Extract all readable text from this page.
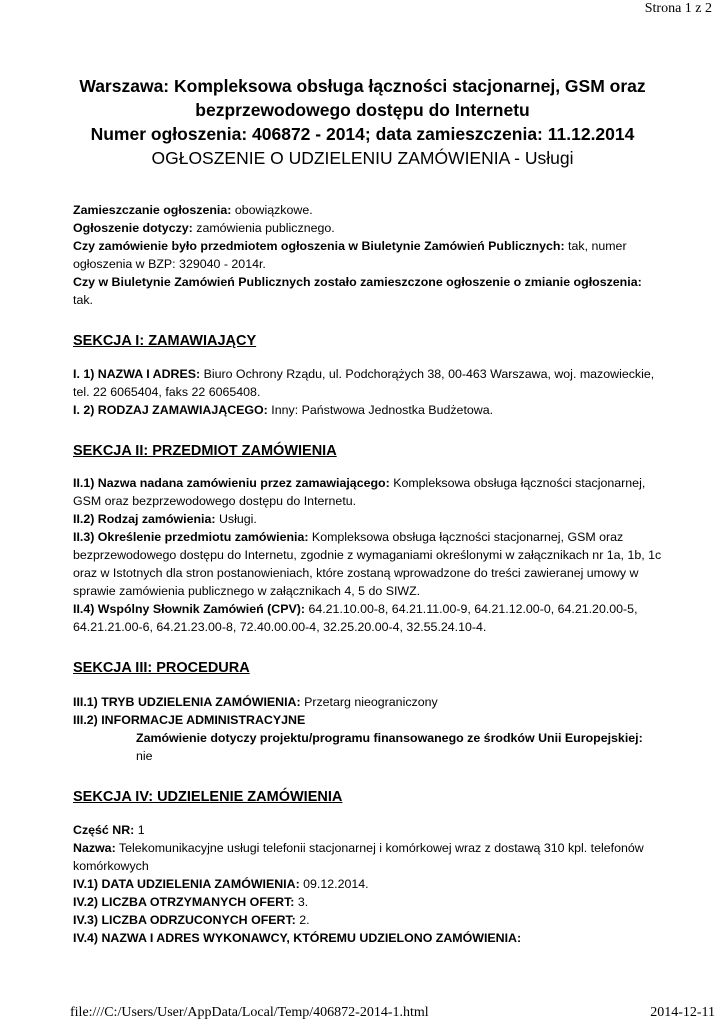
Strona 1 z 2
Warszawa: Kompleksowa obsługa łączności stacjonarnej, GSM oraz
bezprzewodowego dostępu do Internetu
Numer ogłoszenia: 406872 - 2014; data zamieszczenia: 11.12.2014
OGŁOSZENIE O UDZIELENIU ZAMÓWIENIA - Usługi
Zamieszczanie ogłoszenia: obowiązkowe.
Ogłoszenie dotyczy: zamówienia publicznego.
Czy zamówienie było przedmiotem ogłoszenia w Biuletynie Zamówień Publicznych: tak, numer ogłoszenia w BZP: 329040 - 2014r.
Czy w Biuletynie Zamówień Publicznych zostało zamieszczone ogłoszenie o zmianie ogłoszenia: tak.
SEKCJA I: ZAMAWIAJĄCY
I. 1) NAZWA I ADRES: Biuro Ochrony Rządu, ul. Podchorążych 38, 00-463 Warszawa, woj. mazowieckie, tel. 22 6065404, faks 22 6065408.
I. 2) RODZAJ ZAMAWIAJĄCEGO: Inny: Państwowa Jednostka Budżetowa.
SEKCJA II: PRZEDMIOT ZAMÓWIENIA
II.1) Nazwa nadana zamówieniu przez zamawiającego: Kompleksowa obsługa łączności stacjonarnej, GSM oraz bezprzewodowego dostępu do Internetu.
II.2) Rodzaj zamówienia: Usługi.
II.3) Określenie przedmiotu zamówienia: Kompleksowa obsługa łączności stacjonarnej, GSM oraz bezprzewodowego dostępu do Internetu, zgodnie z wymaganiami określonymi w załącznikach nr 1a, 1b, 1c oraz w Istotnych dla stron postanowieniach, które zostaną wprowadzone do treści zawieranej umowy w sprawie zamówienia publicznego w załącznikach 4, 5 do SIWZ.
II.4) Wspólny Słownik Zamówień (CPV): 64.21.10.00-8, 64.21.11.00-9, 64.21.12.00-0, 64.21.20.00-5, 64.21.21.00-6, 64.21.23.00-8, 72.40.00.00-4, 32.25.20.00-4, 32.55.24.10-4.
SEKCJA III: PROCEDURA
III.1) TRYB UDZIELENIA ZAMÓWIENIA: Przetarg nieograniczony
III.2) INFORMACJE ADMINISTRACYJNE
Zamówienie dotyczy projektu/programu finansowanego ze środków Unii Europejskiej:
nie
SEKCJA IV: UDZIELENIE ZAMÓWIENIA
Część NR: 1
Nazwa: Telekomunikacyjne usługi telefonii stacjonarnej i komórkowej wraz z dostawą 310 kpl. telefonów komórkowych
IV.1) DATA UDZIELENIA ZAMÓWIENIA: 09.12.2014.
IV.2) LICZBA OTRZYMANYCH OFERT: 3.
IV.3) LICZBA ODRZUCONYCH OFERT: 2.
IV.4) NAZWA I ADRES WYKONAWCY, KTÓREMU UDZIELONO ZAMÓWIENIA:
file:///C:/Users/User/AppData/Local/Temp/406872-2014-1.html	2014-12-11
